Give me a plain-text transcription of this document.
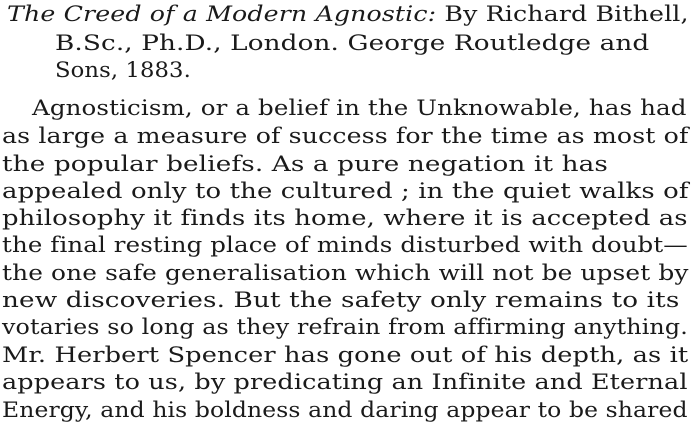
The Creed of a Modern Agnostic: By Richard Bithell,
B.Sc., Ph.D., London. George Routledge and
Sons, 1883.
Agnosticism, or a belief in the Unknowable, has had
as large a measure of success for the time as most of
the popular beliefs. As a pure negation it has
appealed only to the cultured ; in the quiet walks of
philosophy it finds its home, where it is accepted as
the final resting place of minds disturbed with doubt—
the one safe generalisation which will not be upset by
new discoveries. But the safety only remains to its
votaries so long as they refrain from affirming anything.
Mr. Herbert Spencer has gone out of his depth, as it
appears to us, by predicating an Infinite and Eternal
Energy, and his boldness and daring appear to be shared
